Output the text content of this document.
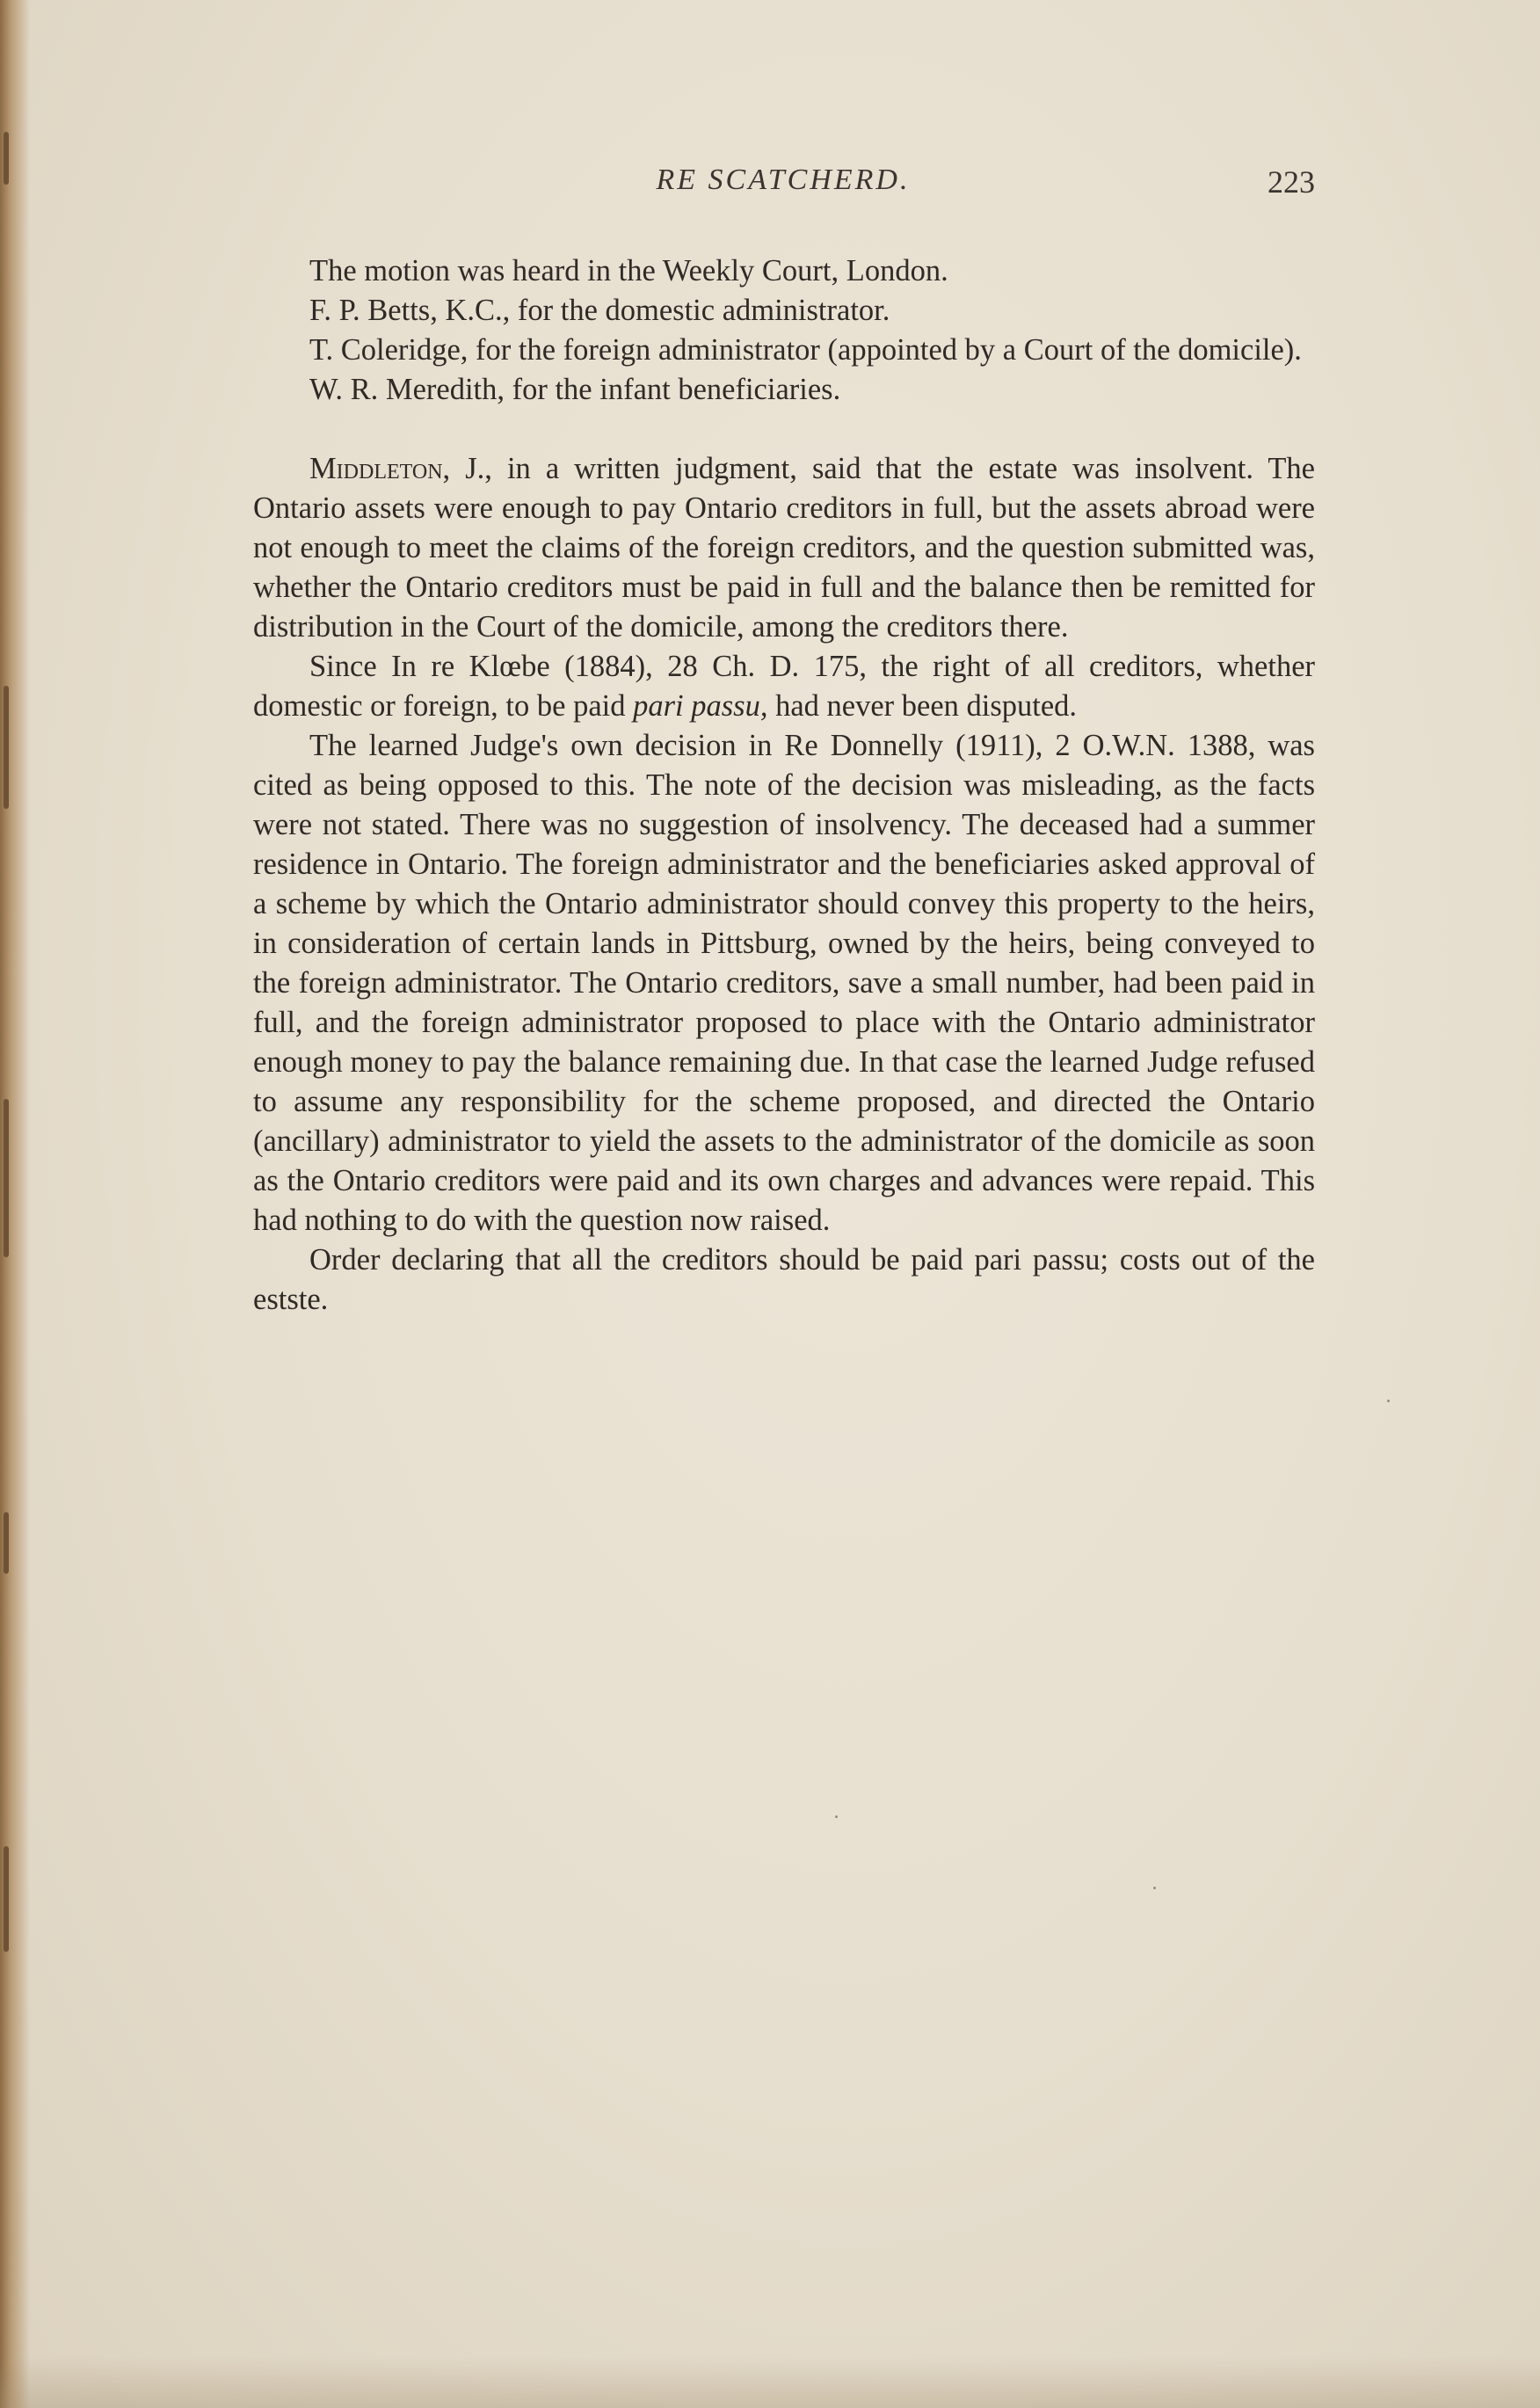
RE SCATCHERD.	223

The motion was heard in the Weekly Court, London.

F. P. Betts, K.C., for the domestic administrator.

T. Coleridge, for the foreign administrator (appointed by a Court of the domicile).

W. R. Meredith, for the infant beneficiaries.

Middleton, J., in a written judgment, said that the estate was insolvent. The Ontario assets were enough to pay Ontario creditors in full, but the assets abroad were not enough to meet the claims of the foreign creditors, and the question submitted was, whether the Ontario creditors must be paid in full and the balance then be remitted for distribution in the Court of the domicile, among the creditors there.

Since In re Klœbe (1884), 28 Ch. D. 175, the right of all creditors, whether domestic or foreign, to be paid pari passu, had never been disputed.

The learned Judge's own decision in Re Donnelly (1911), 2 O.W.N. 1388, was cited as being opposed to this. The note of the decision was misleading, as the facts were not stated. There was no suggestion of insolvency. The deceased had a summer residence in Ontario. The foreign administrator and the beneficiaries asked approval of a scheme by which the Ontario administrator should convey this property to the heirs, in consideration of certain lands in Pittsburg, owned by the heirs, being conveyed to the foreign administrator. The Ontario creditors, save a small number, had been paid in full, and the foreign administrator proposed to place with the Ontario administrator enough money to pay the balance remaining due. In that case the learned Judge refused to assume any responsibility for the scheme proposed, and directed the Ontario (ancillary) administrator to yield the assets to the administrator of the domicile as soon as the Ontario creditors were paid and its own charges and advances were repaid. This had nothing to do with the question now raised.

Order declaring that all the creditors should be paid pari passu; costs out of the estste.
